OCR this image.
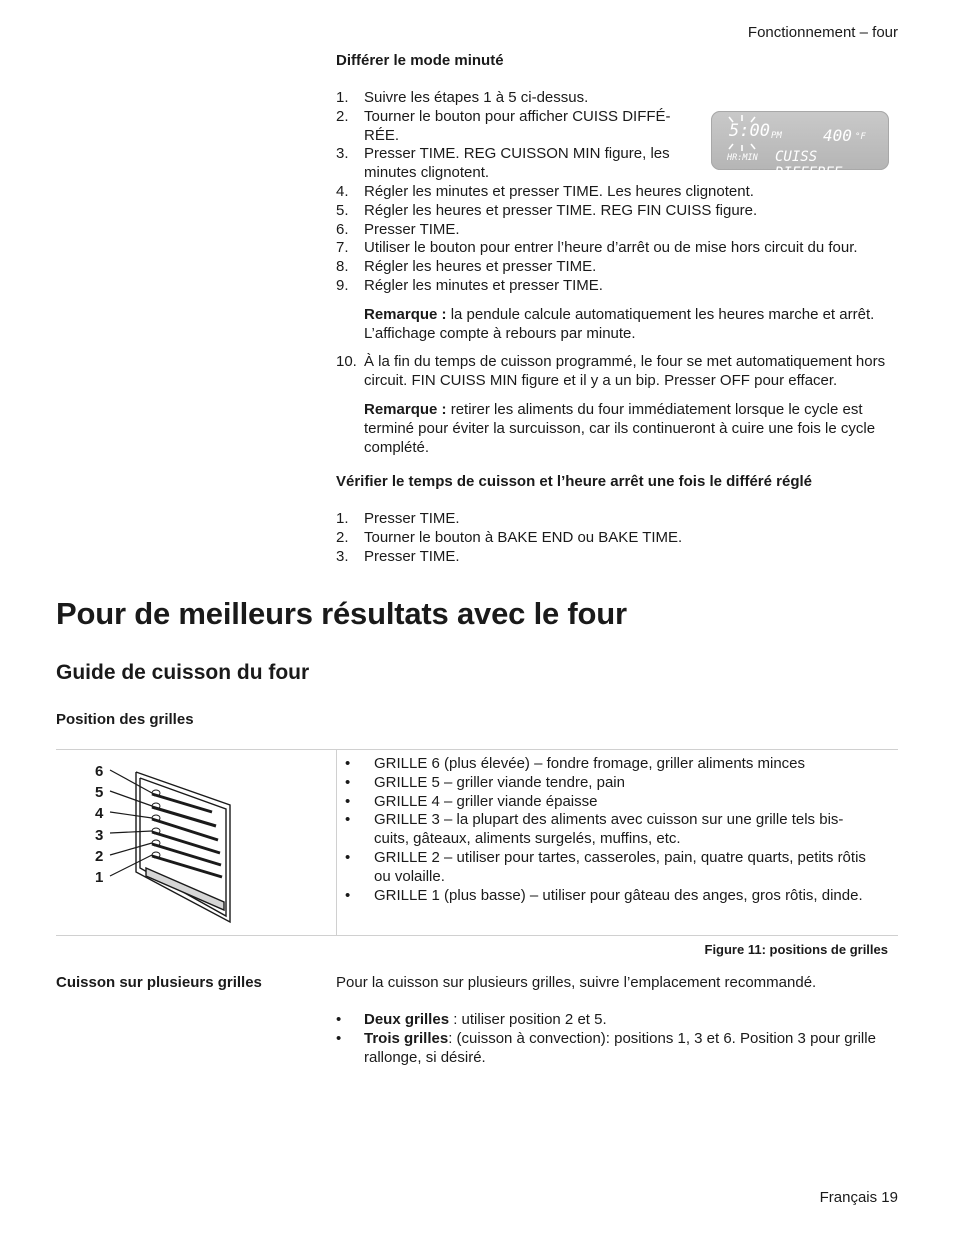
Fonctionnement – four
Différer le mode minuté
1. Suivre les étapes 1 à 5 ci-dessus.
2. Tourner le bouton pour afficher CUISS DIFFÉ-
RÉE.
3. Presser TIME. REG CUISSON MIN figure, les
minutes clignotent.
4. Régler les minutes et presser TIME. Les heures clignotent.
5. Régler les heures et presser TIME. REG FIN CUISS figure.
6. Presser TIME.
7. Utiliser le bouton pour entrer l’heure d’arrêt ou de mise hors circuit du four.
8. Régler les heures et presser TIME.
9. Régler les minutes et presser TIME.
Remarque : la pendule calcule automatiquement les heures marche et arrêt. L’affichage compte à rebours par minute.
10. À la fin du temps de cuisson programmé, le four se met automatiquement hors circuit. FIN CUISS MIN figure et il y a un bip. Presser OFF pour effacer.
Remarque : retirer les aliments du four immédiatement lorsque le cycle est terminé pour éviter la surcuisson, car ils continueront à cuire une fois le cycle complété.
5:00 PM	400 °F
HR:MIN CUISS DIFFEREE
Vérifier le temps de cuisson et l’heure arrêt une fois le différé réglé
1. Presser TIME.
2. Tourner le bouton à BAKE END ou BAKE TIME.
3. Presser TIME.
Pour de meilleurs résultats avec le four
Guide de cuisson du four
Position des grilles
6
5
4
3
2
1
• GRILLE 6 (plus élevée) – fondre fromage, griller aliments minces
• GRILLE 5 – griller viande tendre, pain
• GRILLE 4 – griller viande épaisse
• GRILLE 3 – la plupart des aliments avec cuisson sur une grille tels bis-
cuits, gâteaux, aliments surgelés, muffins, etc.
• GRILLE 2 – utiliser pour tartes, casseroles, pain, quatre quarts, petits rôtis
ou volaille.
• GRILLE 1 (plus basse) – utiliser pour gâteau des anges, gros rôtis, dinde.
Figure 11: positions de grilles
Cuisson sur plusieurs grilles	Pour la cuisson sur plusieurs grilles, suivre l’emplacement recommandé.
• Deux grilles : utiliser position 2 et 5.
• Trois grilles: (cuisson à convection): positions 1, 3 et 6. Position 3 pour grille
rallonge, si désiré.
Français 19
